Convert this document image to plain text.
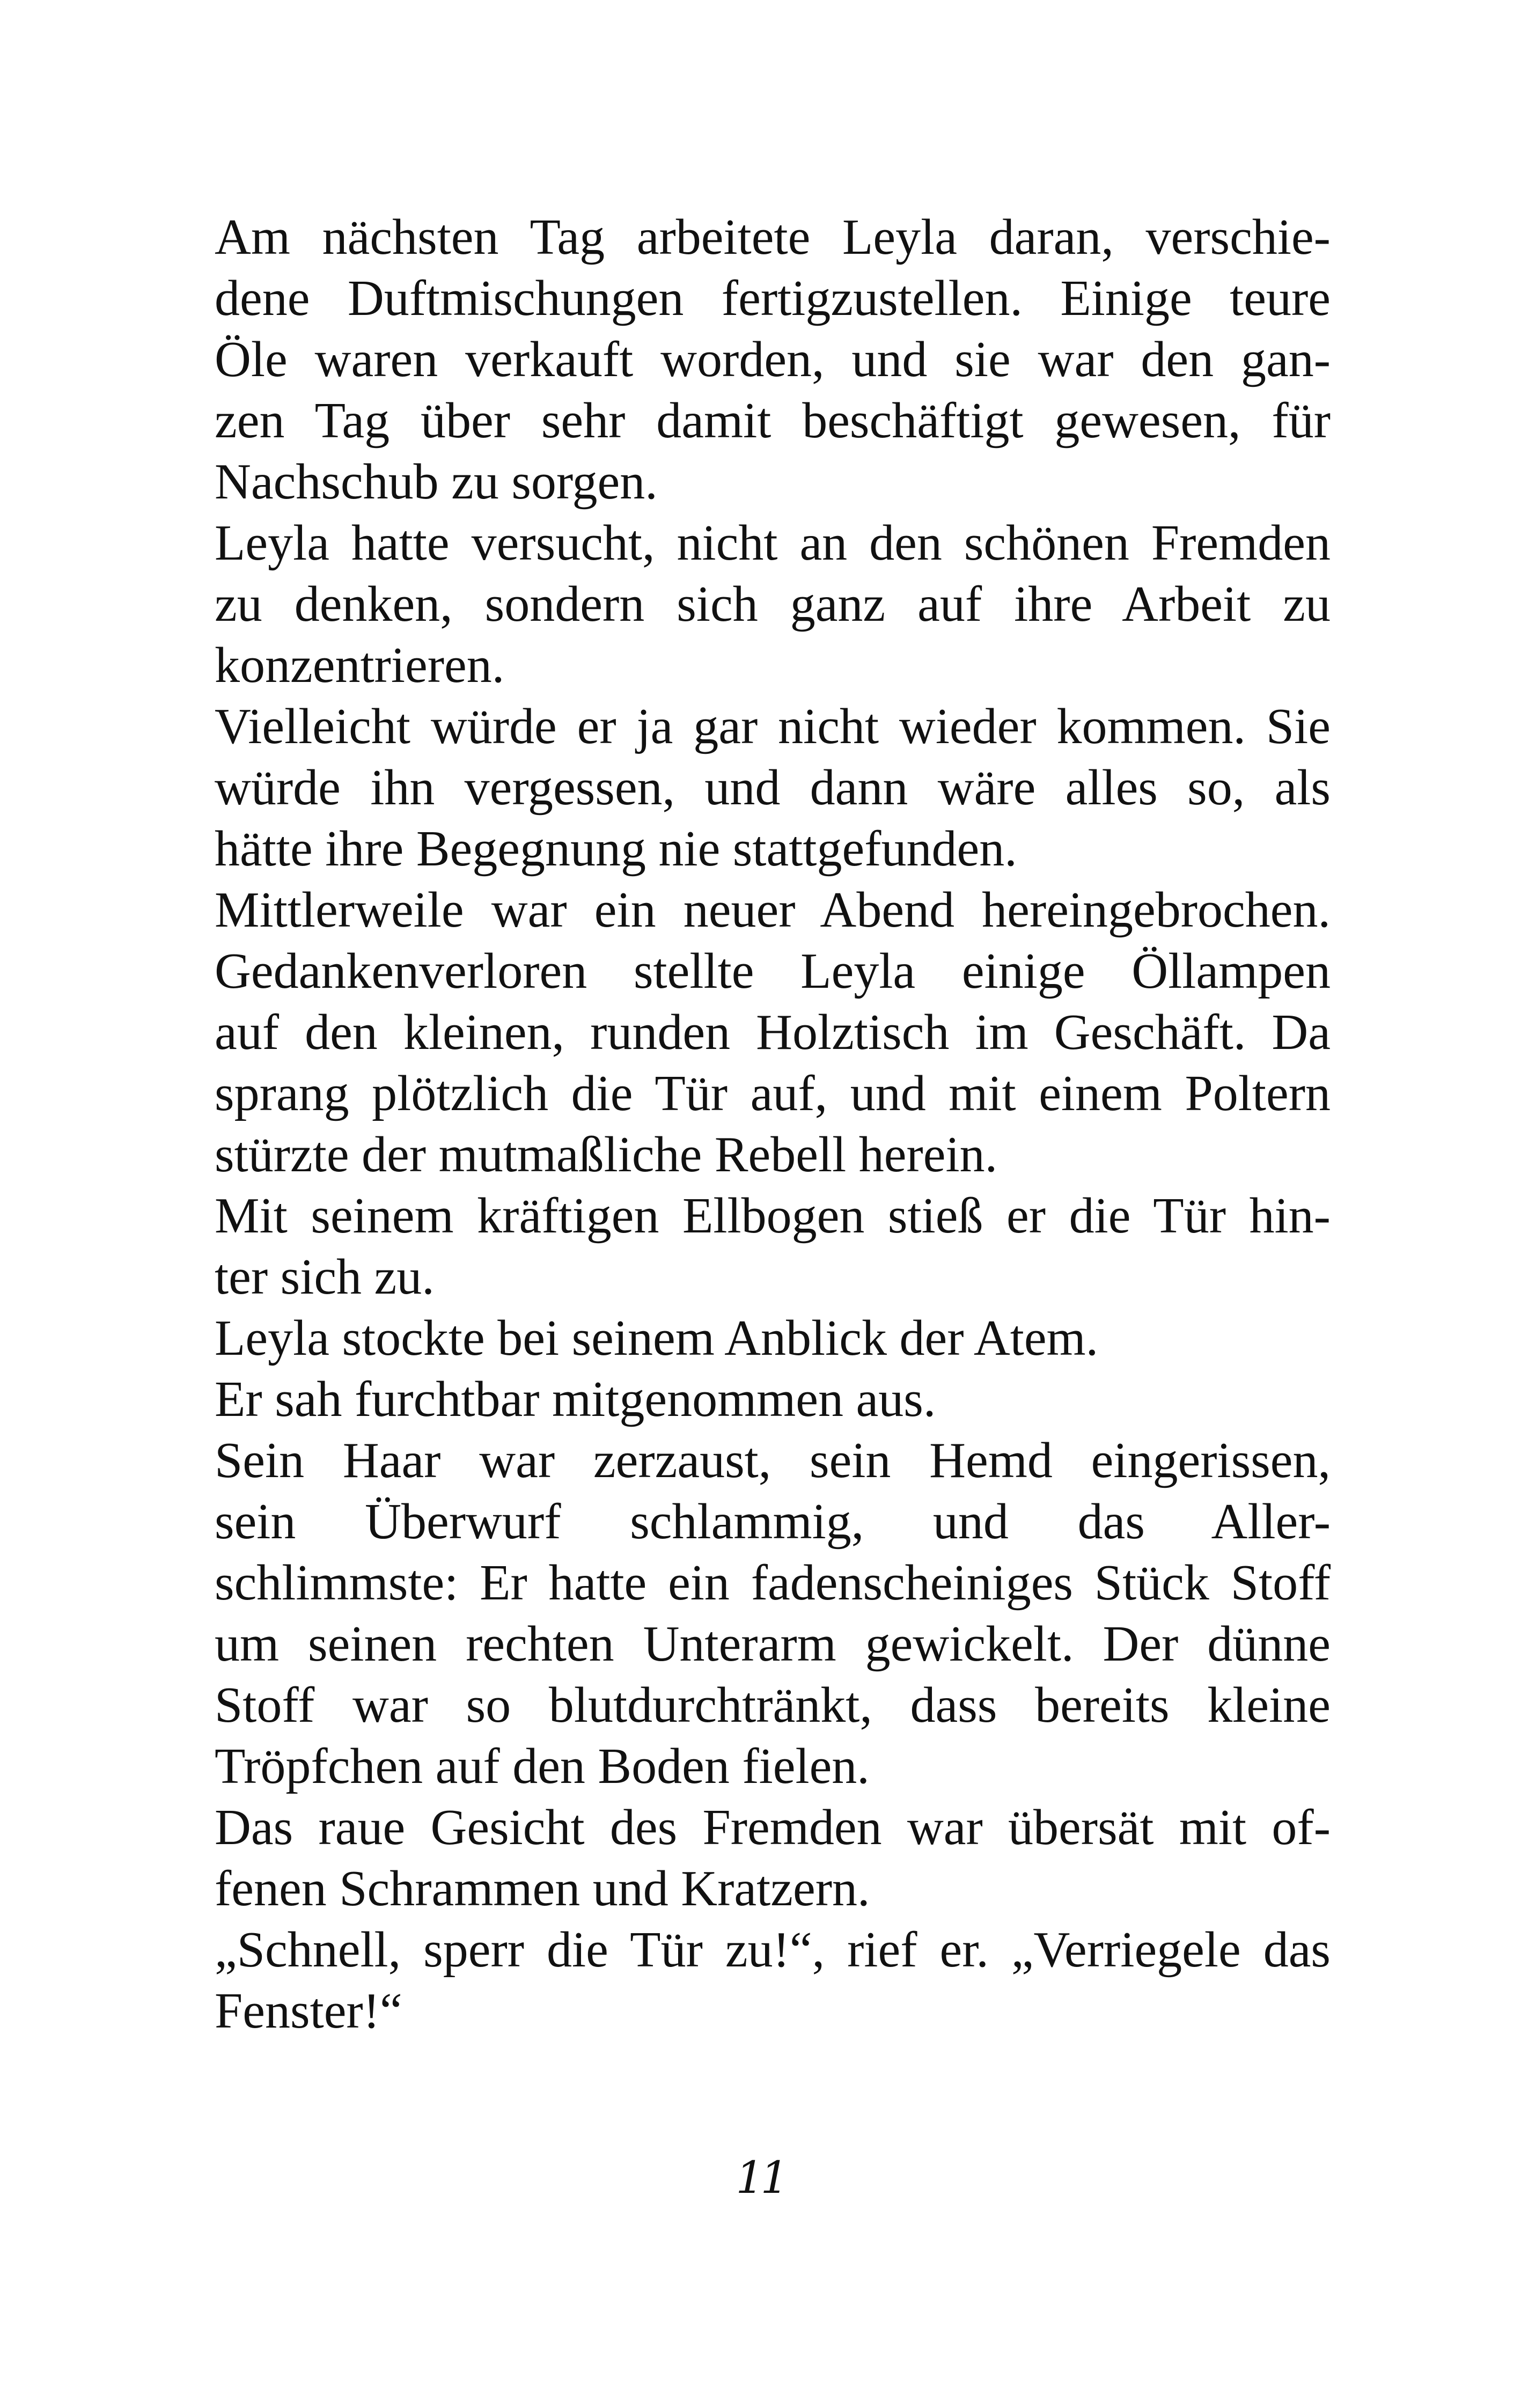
Am nächsten Tag arbeitete Leyla daran, verschie-
dene Duftmischungen fertigzustellen. Einige teure
Öle waren verkauft worden, und sie war den gan-
zen Tag über sehr damit beschäftigt gewesen, für
Nachschub zu sorgen.
Leyla hatte versucht, nicht an den schönen Fremden
zu denken, sondern sich ganz auf ihre Arbeit zu
konzentrieren.
Vielleicht würde er ja gar nicht wieder kommen. Sie
würde ihn vergessen, und dann wäre alles so, als
hätte ihre Begegnung nie stattgefunden.
Mittlerweile war ein neuer Abend hereingebrochen.
Gedankenverloren stellte Leyla einige Öllampen
auf den kleinen, runden Holztisch im Geschäft. Da
sprang plötzlich die Tür auf, und mit einem Poltern
stürzte der mutmaßliche Rebell herein.
Mit seinem kräftigen Ellbogen stieß er die Tür hin-
ter sich zu.
Leyla stockte bei seinem Anblick der Atem.
Er sah furchtbar mitgenommen aus.
Sein Haar war zerzaust, sein Hemd eingerissen,
sein Überwurf schlammig, und das Aller-
schlimmste: Er hatte ein fadenscheiniges Stück Stoff
um seinen rechten Unterarm gewickelt. Der dünne
Stoff war so blutdurchtränkt, dass bereits kleine
Tröpfchen auf den Boden fielen.
Das raue Gesicht des Fremden war übersät mit of-
fenen Schrammen und Kratzern.
„Schnell, sperr die Tür zu!“, rief er. „Verriegele das
Fenster!“
11
